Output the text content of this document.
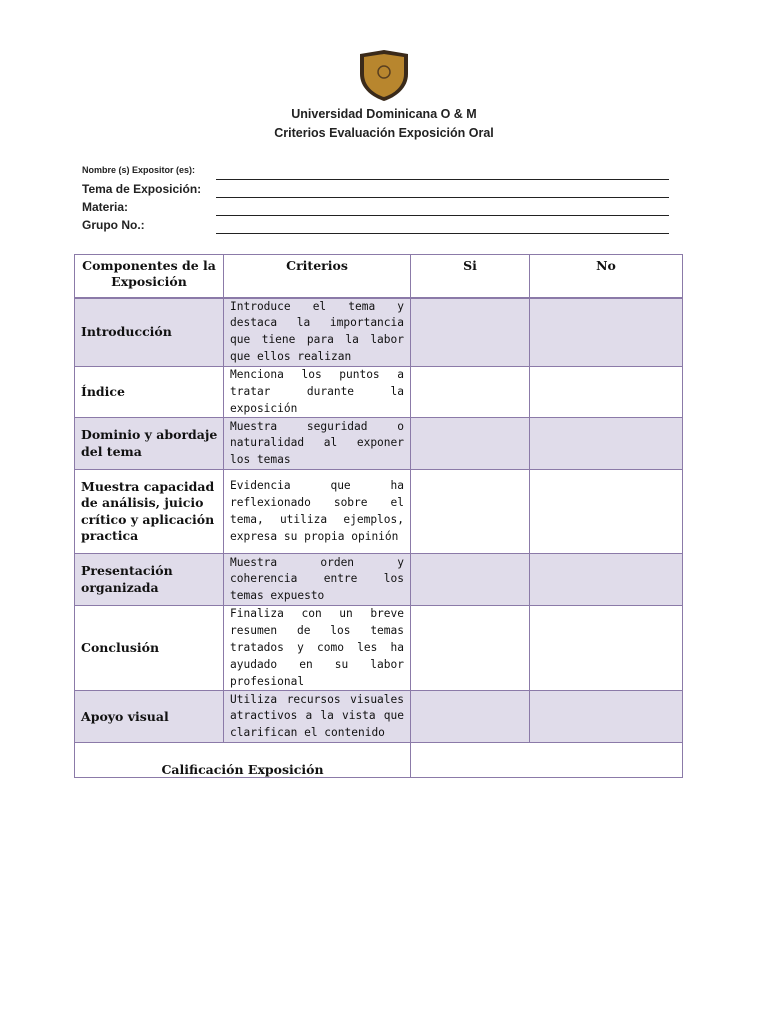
Universidad Dominicana O & M
Criterios Evaluación Exposición Oral
Nombre (s) Expositor (es):
Tema de Exposición:
Materia:
Grupo No.:
Componentes de la Exposición	Criterios	Si	No
Introducción	Introduce el tema y destaca la importancia que tiene para la labor que ellos realizan		
Índice	Menciona los puntos a tratar durante la exposición		
Dominio y abordaje del tema	Muestra seguridad o naturalidad al exponer los temas		
Muestra capacidad de análisis, juicio crítico y aplicación practica	Evidencia que ha reflexionado sobre el tema, utiliza ejemplos, expresa su propia opinión		
Presentación organizada	Muestra orden y coherencia entre los temas expuesto		
Conclusión	Finaliza con un breve resumen de los temas tratados y como les ha ayudado en su labor profesional		
Apoyo visual	Utiliza recursos visuales atractivos a la vista que clarifican el contenido		
Calificación Exposición			
